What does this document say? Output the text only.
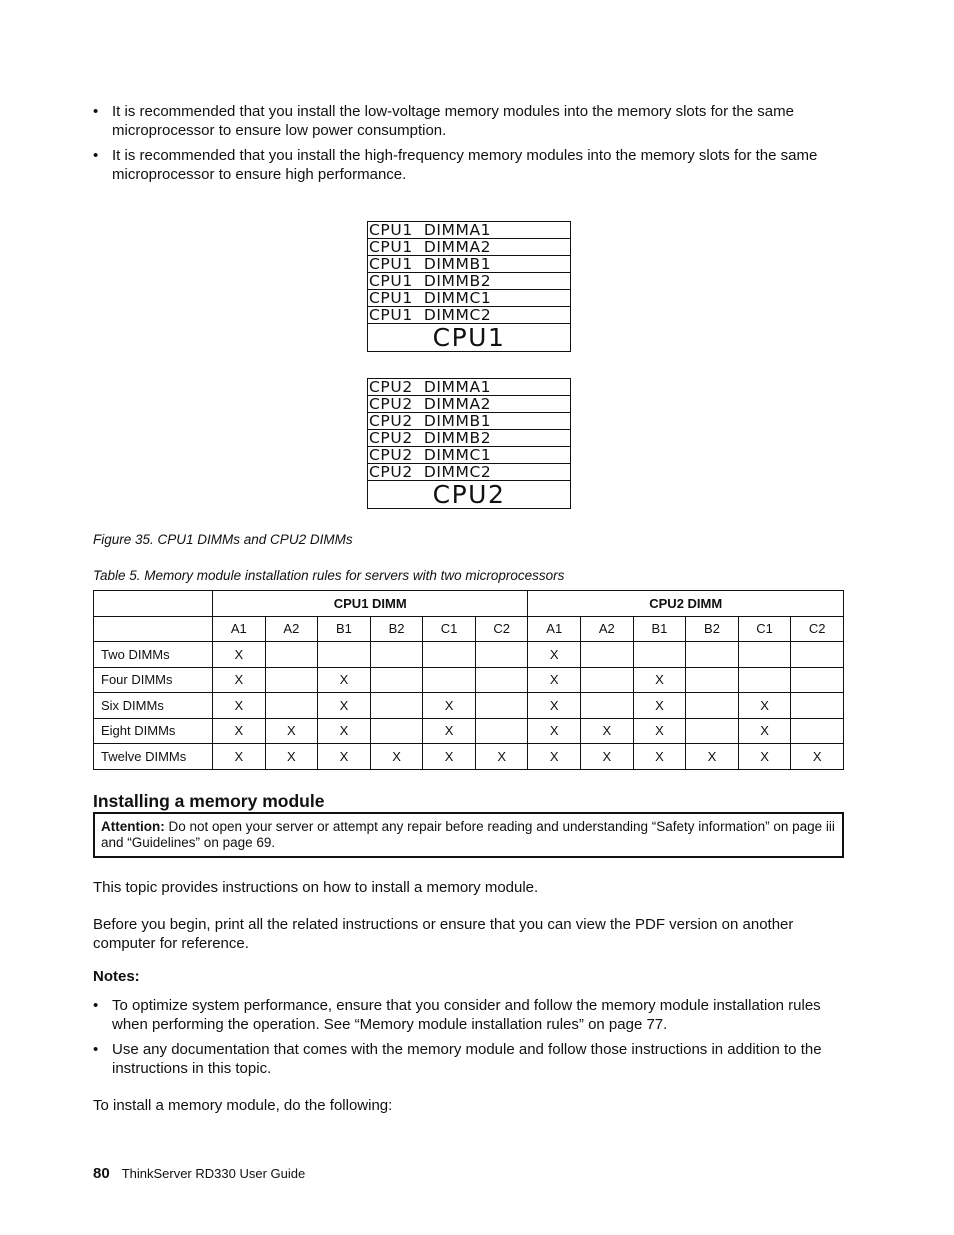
• It is recommended that you install the low-voltage memory modules into the memory slots for the same microprocessor to ensure low power consumption.
• It is recommended that you install the high-frequency memory modules into the memory slots for the same microprocessor to ensure high performance.
CPU1  DIMMA1
CPU1  DIMMA2
CPU1  DIMMB1
CPU1  DIMMB2
CPU1  DIMMC1
CPU1  DIMMC2
CPU1
CPU2  DIMMA1
CPU2  DIMMA2
CPU2  DIMMB1
CPU2  DIMMB2
CPU2  DIMMC1
CPU2  DIMMC2
CPU2
Figure 35. CPU1 DIMMs and CPU2 DIMMs
Table 5. Memory module installation rules for servers with two microprocessors
	CPU1 DIMM						CPU2 DIMM					
	A1	A2	B1	B2	C1	C2	A1	A2	B1	B2	C1	C2
Two DIMMs	X						X					
Four DIMMs	X		X				X		X			
Six DIMMs	X		X		X		X		X		X	
Eight DIMMs	X	X	X		X		X	X	X		X	
Twelve DIMMs	X	X	X	X	X	X	X	X	X	X	X	X
Installing a memory module
Attention: Do not open your server or attempt any repair before reading and understanding “Safety information” on page iii and “Guidelines” on page 69.

This topic provides instructions on how to install a memory module.

Before you begin, print all the related instructions or ensure that you can view the PDF version on another computer for reference.

Notes:
• To optimize system performance, ensure that you consider and follow the memory module installation rules when performing the operation. See “Memory module installation rules” on page 77.
• Use any documentation that comes with the memory module and follow those instructions in addition to the instructions in this topic.

To install a memory module, do the following:

80 ThinkServer RD330 User Guide
